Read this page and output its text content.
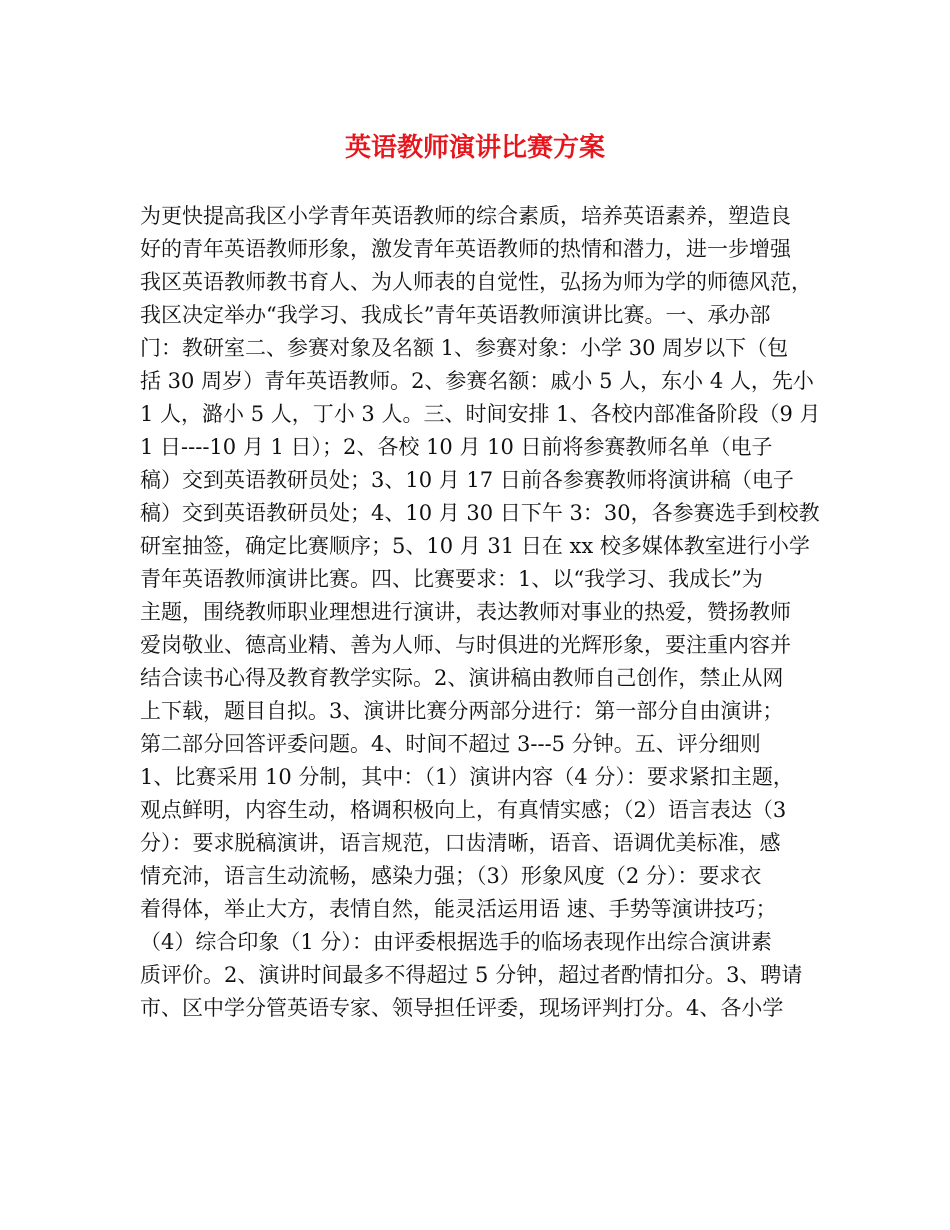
英语教师演讲比赛方案
为更快提高我区小学青年英语教师的综合素质，培养英语素养，塑造良
好的青年英语教师形象，激发青年英语教师的热情和潜力，进一步增强
我区英语教师教书育人、为人师表的自觉性，弘扬为师为学的师德风范，
我区决定举办“我学习、我成长”青年英语教师演讲比赛。一、承办部
门：教研室二、参赛对象及名额 1、参赛对象：小学 30 周岁以下（包
括 30 周岁）青年英语教师。2、参赛名额：戚小 5 人，东小 4 人，先小
1 人，潞小 5 人，丁小 3 人。三、时间安排 1、各校内部准备阶段（9 月
1 日----10 月 1 日）；2、各校 10 月 10 日前将参赛教师名单（电子
稿）交到英语教研员处；3、10 月 17 日前各参赛教师将演讲稿（电子
稿）交到英语教研员处；4、10 月 30 日下午 3：30，各参赛选手到校教
研室抽签，确定比赛顺序；5、10 月 31 日在 xx 校多媒体教室进行小学
青年英语教师演讲比赛。四、比赛要求：1、以“我学习、我成长”为
主题，围绕教师职业理想进行演讲，表达教师对事业的热爱，赞扬教师
爱岗敬业、德高业精、善为人师、与时俱进的光辉形象，要注重内容并
结合读书心得及教育教学实际。2、演讲稿由教师自己创作，禁止从网
上下载，题目自拟。3、演讲比赛分两部分进行：第一部分自由演讲；
第二部分回答评委问题。4、时间不超过 3---5 分钟。五、评分细则
1、比赛采用 10 分制，其中：（1）演讲内容（4 分）：要求紧扣主题，
观点鲜明，内容生动，格调积极向上，有真情实感；（2）语言表达（3
分）：要求脱稿演讲，语言规范，口齿清晰，语音、语调优美标准，感
情充沛，语言生动流畅，感染力强；（3）形象风度（2 分）：要求衣
着得体，举止大方，表情自然，能灵活运用语 速、手势等演讲技巧；
（4）综合印象（1 分）：由评委根据选手的临场表现作出综合演讲素
质评价。2、演讲时间最多不得超过 5 分钟，超过者酌情扣分。3、聘请
市、区中学分管英语专家、领导担任评委，现场评判打分。4、各小学
